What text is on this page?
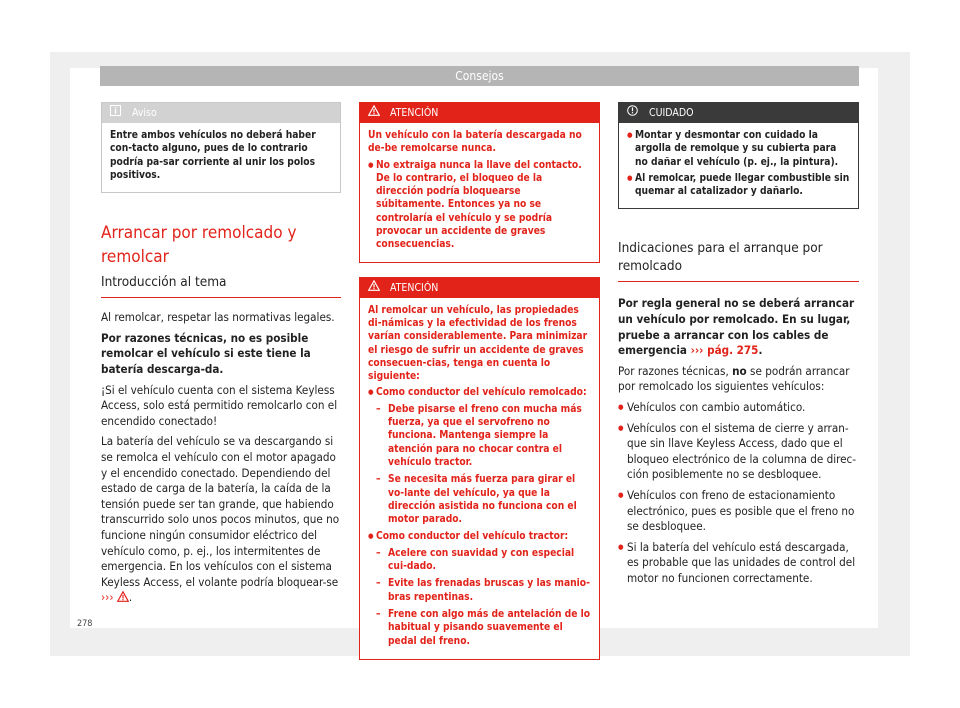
Consejos
Aviso

Entre ambos vehículos no deberá haber con-tacto alguno, pues de lo contrario podría pa-sar corriente al unir los polos positivos.

Arrancar por remolcado y remolcar
Introducción al tema

Al remolcar, respetar las normativas legales.

Por razones técnicas, no es posible remolcar el vehículo si este tiene la batería descarga-da.

¡Si el vehículo cuenta con el sistema Keyless Access, solo está permitido remolcarlo con el encendido conectado!

La batería del vehículo se va descargando si se remolca el vehículo con el motor apagado y el encendido conectado. Dependiendo del estado de carga de la batería, la caída de la tensión puede ser tan grande, que habiendo transcurrido solo unos pocos minutos, que no funcione ningún consumidor eléctrico del vehículo como, p. ej., los intermitentes de emergencia. En los vehículos con el sistema Keyless Access, el volante podría bloquear-se ››› .

ATENCIÓN

Un vehículo con la batería descargada no de-be remolcarse nunca.

● No extraiga nunca la llave del contacto. De lo contrario, el bloqueo de la dirección podría bloquearse súbitamente. Entonces ya no se controlaría el vehículo y se podría provocar un accidente de graves consecuencias.
ATENCIÓN

Al remolcar un vehículo, las propiedades di-námicas y la efectividad de los frenos varían considerablemente. Para minimizar el riesgo de sufrir un accidente de graves consecuen-cias, tenga en cuenta lo siguiente:

● Como conductor del vehículo remolcado:
– Debe pisarse el freno con mucha más fuerza, ya que el servofreno no funciona. Mantenga siempre la atención para no chocar contra el vehículo tractor.
– Se necesita más fuerza para girar el vo-lante del vehículo, ya que la dirección asistida no funciona con el motor parado.
● Como conductor del vehículo tractor:
– Acelere con suavidad y con especial cui-dado.
– Evite las frenadas bruscas y las manio-bras repentinas.
– Frene con algo más de antelación de lo habitual y pisando suavemente el pedal del freno.
CUIDADO
● Montar y desmontar con cuidado la argolla de remolque y su cubierta para no dañar el vehículo (p. ej., la pintura).
● Al remolcar, puede llegar combustible sin quemar al catalizador y dañarlo.
Indicaciones para el arranque por remolcado

Por regla general no se deberá arrancar un vehículo por remolcado. En su lugar, pruebe a arrancar con los cables de emergencia ››› pág. 275.

Por razones técnicas, no se podrán arrancar por remolcado los siguientes vehículos:

● Vehículos con cambio automático.
● Vehículos con el sistema de cierre y arran-que sin llave Keyless Access, dado que el bloqueo electrónico de la columna de direc-ción posiblemente no se desbloquee.
● Vehículos con freno de estacionamiento electrónico, pues es posible que el freno no se desbloquee.
● Si la batería del vehículo está descargada, es probable que las unidades de control del motor no funcionen correctamente.
278
